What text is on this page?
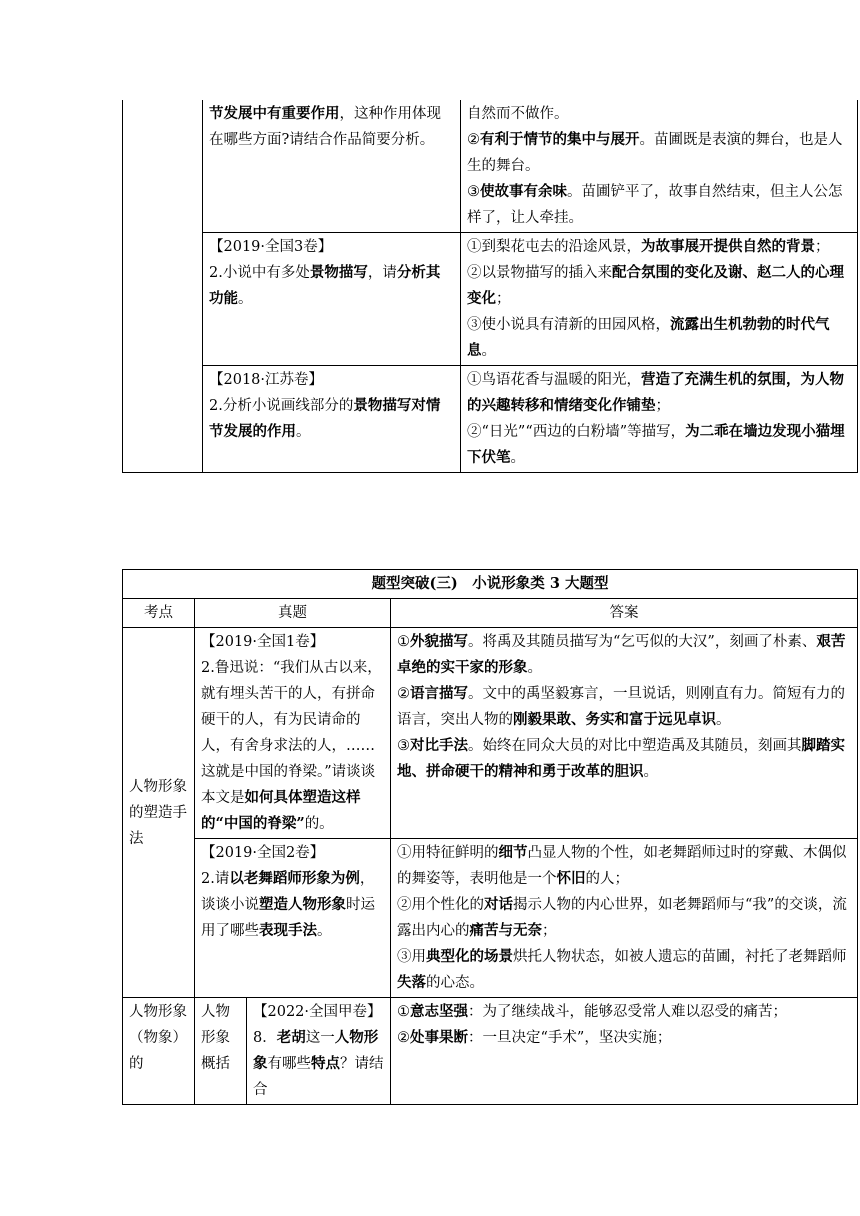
	节发展中有重要作用，这种作用体现在哪些方面?请结合作品简要分析。	自然而不做作。
②有利于情节的集中与展开。苗圃既是表演的舞台，也是人生的舞台。
③使故事有余味。苗圃铲平了，故事自然结束，但主人公怎样了，让人牵挂。

	【2019·全国3卷】
2.小说中有多处景物描写，请分析其功能。	①到梨花屯去的沿途风景，为故事展开提供自然的背景；
②以景物描写的插入来配合氛围的变化及谢、赵二人的心理变化；
③使小说具有清新的田园风格，流露出生机勃勃的时代气息。

	【2018·江苏卷】
2.分析小说画线部分的景物描写对情节发展的作用。	①鸟语花香与温暖的阳光，营造了充满生机的氛围，为人物的兴趣转移和情绪变化作铺垫；
②“日光”“西边的白粉墙”等描写，为二乖在墙边发现小猫埋下伏笔。
题型突破(三)　小说形象类 3 大题型			
考点	真题		答案
人物形象的塑造手法	【2019·全国1卷】
2.鲁迅说：“我们从古以来，就有埋头苦干的人，有拼命硬干的人，有为民请命的人，有舍身求法的人，……这就是中国的脊梁。”请谈谈本文是如何具体塑造这样的“中国的脊梁”的。		①外貌描写。将禹及其随员描写为“乞丐似的大汉”，刻画了朴素、艰苦卓绝的实干家的形象。
②语言描写。文中的禹坚毅寡言，一旦说话，则刚直有力。简短有力的语言，突出人物的刚毅果敢、务实和富于远见卓识。
③对比手法。始终在同众大员的对比中塑造禹及其随员，刻画其脚踏实地、拼命硬干的精神和勇于改革的胆识。

	【2019·全国2卷】
2.请以老舞蹈师形象为例，谈谈小说塑造人物形象时运用了哪些表现手法。		①用特征鲜明的细节凸显人物的个性，如老舞蹈师过时的穿戴、木偶似的舞姿等，表明他是一个怀旧的人；
②用个性化的对话揭示人物的内心世界，如老舞蹈师与“我”的交谈，流露出内心的痛苦与无奈；
③用典型化的场景烘托人物状态，如被人遗忘的苗圃，衬托了老舞蹈师失落的心态。

人物形象（物象）的	人物形象概括	【2022·全国甲卷】
8．老胡这一人物形象有哪些特点？请结合	①意志坚强：为了继续战斗，能够忍受常人难以忍受的痛苦；
②处事果断：一旦决定“手术”，坚决实施；
